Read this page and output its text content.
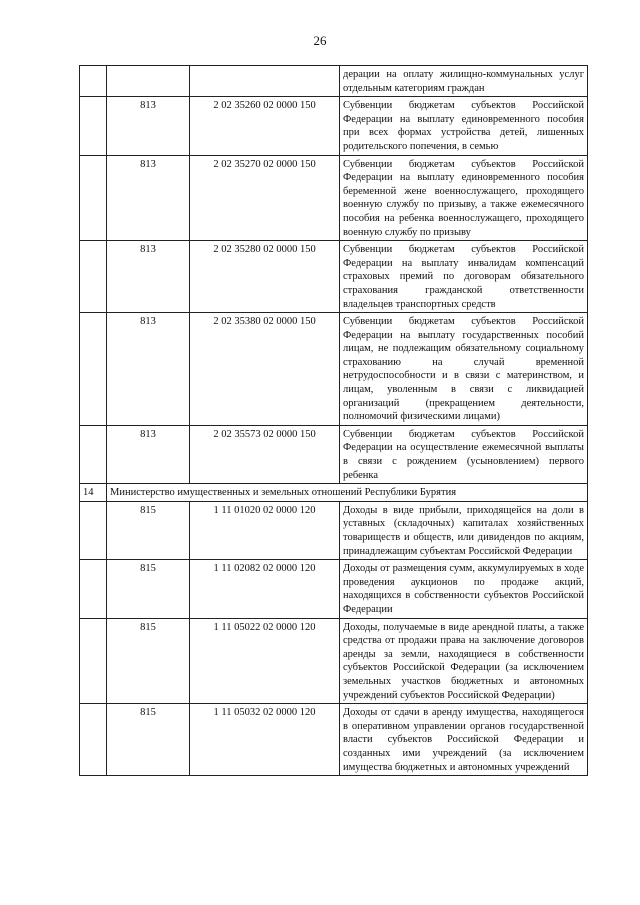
26
			дерации на оплату жилищно-коммунальных услуг отдельным категориям граждан
	813	2 02 35260 02 0000 150	Субвенции бюджетам субъектов Российской Федерации на выплату единовременного пособия при всех формах устройства детей, лишенных родительского попечения, в семью
	813	2 02 35270 02 0000 150	Субвенции бюджетам субъектов Российской Федерации на выплату единовременного пособия беременной жене военнослужащего, проходящего военную службу по призыву, а также ежемесячного пособия на ребенка военнослужащего, проходящего военную службу по призыву
	813	2 02 35280 02 0000 150	Субвенции бюджетам субъектов Российской Федерации на выплату инвалидам компенсаций страховых премий по договорам обязательного страхования гражданской ответственности владельцев транспортных средств
	813	2 02 35380 02 0000 150	Субвенции бюджетам субъектов Российской Федерации на выплату государственных пособий лицам, не подлежащим обязательному социальному страхованию на случай временной нетрудоспособности и в связи с материнством, и лицам, уволенным в связи с ликвидацией организаций (прекращением деятельности, полномочий физическими лицами)
	813	2 02 35573 02 0000 150	Субвенции бюджетам субъектов Российской Федерации на осуществление ежемесячной выплаты в связи с рождением (усыновлением) первого ребенка
14	Министерство имущественных и земельных отношений Республики Бурятия		
	815	1 11 01020 02 0000 120	Доходы в виде прибыли, приходящейся на доли в уставных (складочных) капиталах хозяйственных товариществ и обществ, или дивидендов по акциям, принадлежащим субъектам Российской Федерации
	815	1 11 02082 02 0000 120	Доходы от размещения сумм, аккумулируемых в ходе проведения аукционов по продаже акций, находящихся в собственности субъектов Российской Федерации
	815	1 11 05022 02 0000 120	Доходы, получаемые в виде арендной платы, а также средства от продажи права на заключение договоров аренды за земли, находящиеся в собственности субъектов Российской Федерации (за исключением земельных участков бюджетных и автономных учреждений субъектов Российской Федерации)
	815	1 11 05032 02 0000 120	Доходы от сдачи в аренду имущества, находящегося в оперативном управлении органов государственной власти субъектов Российской Федерации и созданных ими учреждений (за исключением имущества бюджетных и автономных учреждений
